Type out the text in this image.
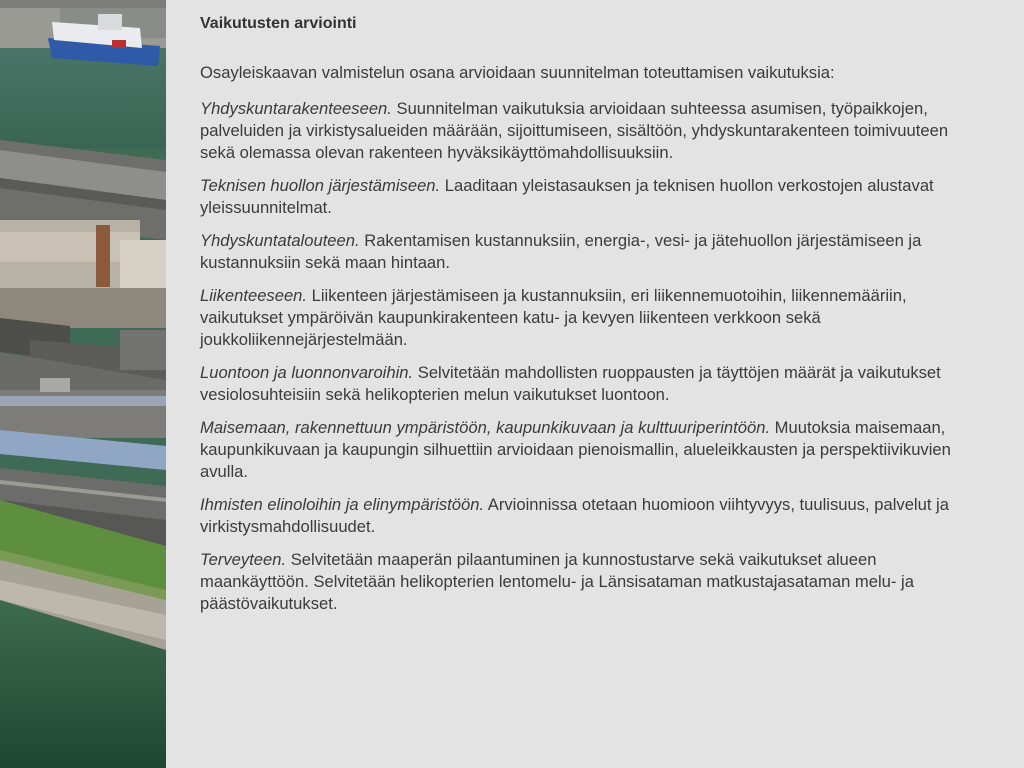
Vaikutusten arviointi

Osayleiskaavan valmistelun osana arvioidaan suunnitelman toteuttamisen vaikutuksia:

Yhdyskuntarakenteeseen. Suunnitelman vaikutuksia arvioidaan suhteessa asumisen, työpaikkojen, palveluiden ja virkistysalueiden määrään, sijoittumiseen, sisältöön, yhdyskuntarakenteen toimivuuteen sekä olemassa olevan rakenteen hyväksikäyttömahdollisuuksiin.

Teknisen huollon järjestämiseen. Laaditaan yleistasauksen ja teknisen huollon verkostojen alustavat yleissuunnitelmat.

Yhdyskuntatalouteen. Rakentamisen kustannuksiin, energia-, vesi- ja jätehuollon järjestämiseen ja kustannuksiin sekä maan hintaan.

Liikenteeseen. Liikenteen järjestämiseen ja kustannuksiin, eri liikennemuotoihin, liikennemääriin, vaikutukset ympäröivän kaupunkirakenteen katu- ja kevyen liikenteen verkkoon sekä joukkoliikennejärjestelmään.

Luontoon ja luonnonvaroihin. Selvitetään mahdollisten ruoppausten ja täyttöjen määrät ja vaikutukset vesiolosuhteisiin sekä helikopterien melun vaikutukset luontoon.

Maisemaan, rakennettuun ympäristöön, kaupunkikuvaan ja kulttuuriperintöön. Muutoksia maisemaan, kaupunkikuvaan ja kaupungin silhuettiin arvioidaan pienoismallin, alueleikkausten ja perspektiivikuvien avulla.

Ihmisten elinoloihin ja elinympäristöön. Arvioinnissa otetaan huomioon viihtyvyys, tuulisuus, palvelut ja virkistysmahdollisuudet.

Terveyteen. Selvitetään maaperän pilaantuminen ja kunnostustarve sekä vaikutukset alueen maankäyttöön. Selvitetään helikopterien lentomelu- ja Länsisataman matkustajasataman melu- ja päästövaikutukset.
